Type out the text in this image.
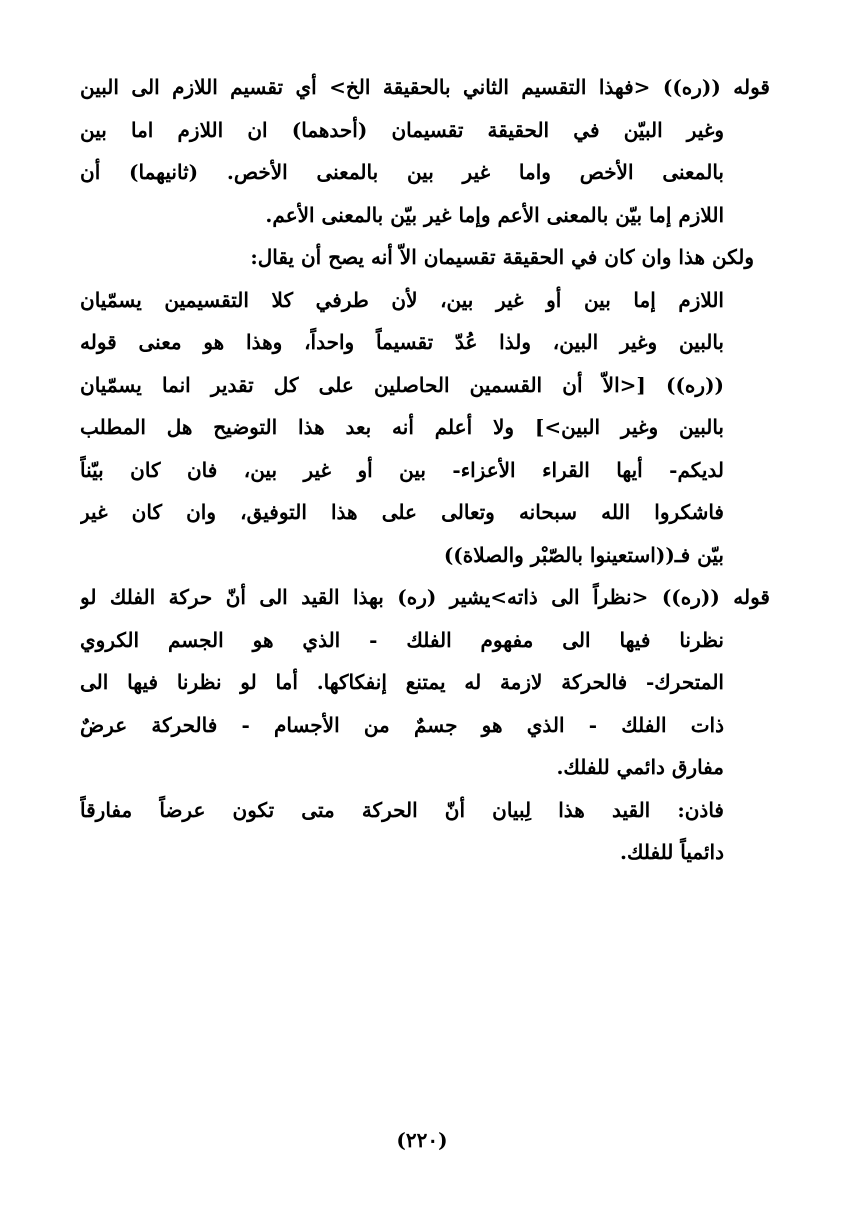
قوله ((ره)) <فهذا التقسيم الثاني بالحقيقة الخ> أي تقسيم اللازم الى البين
وغير البيّن في الحقيقة تقسيمان (أحدهما) ان اللازم اما بين
بالمعنى الأخص واما غير بين بالمعنى الأخص. (ثانيهما) أن
اللازم إما بيّن بالمعنى الأعم وإما غير بيّن بالمعنى الأعم.
ولكن هذا وان كان في الحقيقة تقسيمان الاّ أنه يصح أن يقال:
اللازم إما بين أو غير بين، لأن طرفي كلا التقسيمين يسمّيان
بالبين وغير البين، ولذا عُدّ تقسيماً واحداً، وهذا هو معنى قوله
((ره)) [<الاّ أن القسمين الحاصلين على كل تقدير انما يسمّيان
بالبين وغير البين>] ولا أعلم أنه بعد هذا التوضيح هل المطلب
لديكم- أيها القراء الأعزاء- بين أو غير بين، فان كان بيّناً
فاشكروا الله سبحانه وتعالى على هذا التوفيق، وان كان غير
بيّن فـ((استعينوا بالصّبْر والصلاة))
قوله ((ره)) <نظراً الى ذاته>يشير (ره) بهذا القيد الى أنّ حركة الفلك لو
نظرنا فيها الى مفهوم الفلك - الذي هو الجسم الكروي
المتحرك- فالحركة لازمة له يمتنع إنفكاكها. أما لو نظرنا فيها الى
ذات الفلك - الذي هو جسمٌ من الأجسام - فالحركة عرضٌ
مفارق دائمي للفلك.
فاذن: القيد هذا لِبيان أنّ الحركة متى تكون عرضاً مفارقاً
دائمياً للفلك.
(٢٢٠)
